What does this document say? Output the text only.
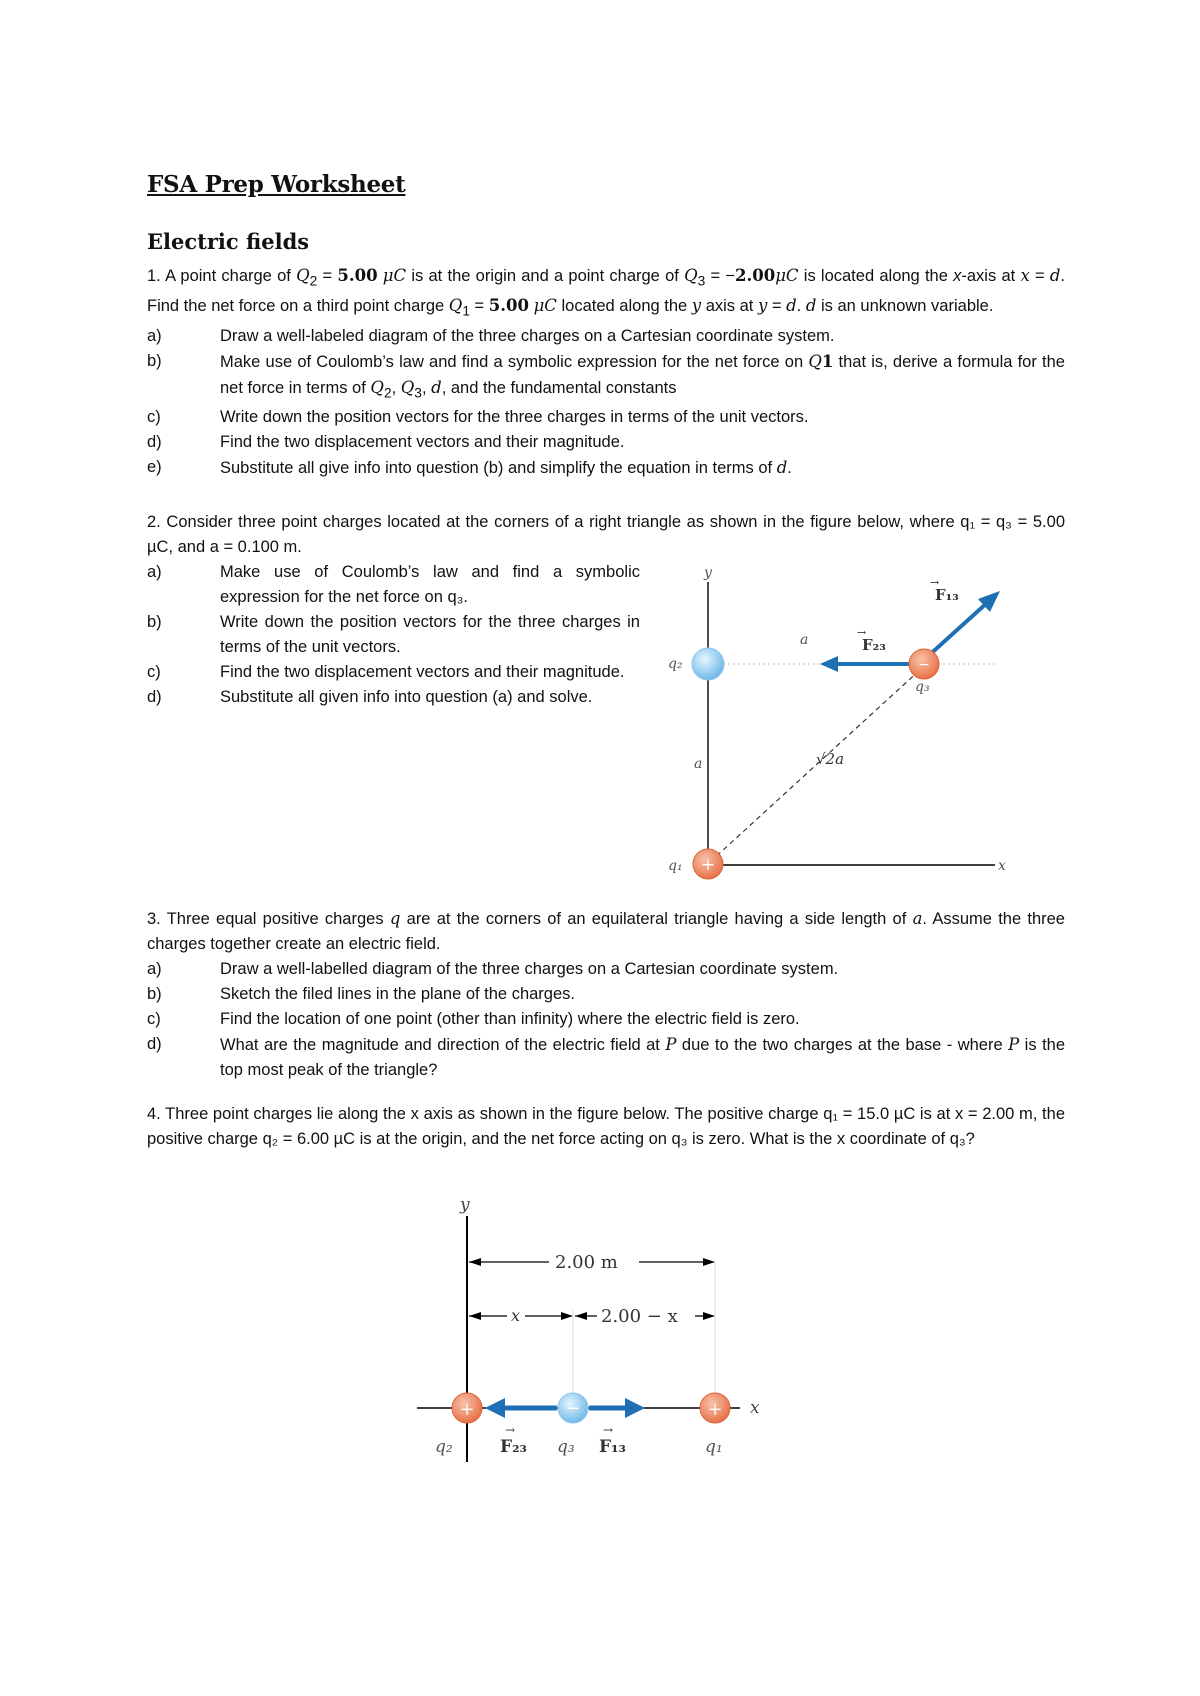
FSA Prep Worksheet
Electric fields
1. A point charge of $Q_2 = 5.00$ μC is at the origin and a point charge of $Q_3 = -2.00\mu C$ is located along the x-axis at x = d. Find the net force on a third point charge $Q_1 = 5.00$ μC located along the y axis at y = d. d is an unknown variable.
a)	Draw a well-labeled diagram of the three charges on a Cartesian coordinate system.
b)	Make use of Coulomb’s law and find a symbolic expression for the net force on Q1 that is, derive a formula for the net force in terms of $Q_2$, $Q_3$, d, and the fundamental constants
c)	Write down the position vectors for the three charges in terms of the unit vectors.
d)	Find the two displacement vectors and their magnitude.
e)	Substitute all give info into question (b) and simplify the equation in terms of d.
2. Consider three point charges located at the corners of a right triangle as shown in the figure below, where q₁ = q₃ = 5.00 µC, and a = 0.100 m.
a)	Make use of Coulomb’s law and find a symbolic expression for the net force on q₃.
b)	Write down the position vectors for the three charges in terms of the unit vectors.
c)	Find the two displacement vectors and their magnitude.
d)	Substitute all given info into question (a) and solve.
3. Three equal positive charges q are at the corners of an equilateral triangle having a side length of a. Assume the three charges together create an electric field.
a)	Draw a well-labelled diagram of the three charges on a Cartesian coordinate system.
b)	Sketch the filed lines in the plane of the charges.
c)	Find the location of one point (other than infinity) where the electric field is zero.
d)	What are the magnitude and direction of the electric field at P due to the two charges at the base - where P is the top most peak of the triangle?
4. Three point charges lie along the x axis as shown in the figure below. The positive charge q₁ = 15.0 µC is at x = 2.00 m, the positive charge q₂ = 6.00 µC is at the origin, and the net force acting on q₃ is zero. What is the x coordinate of q₃?
y
x
−
+
q₂
q₃
q₁
a
a	√2a
F₂₃
→
F₁₃
→
y
x
2.00 m
x	2.00 − x
+	−	+
q₂	F₂₃
→
q₃ F₁₃
→
q₁
